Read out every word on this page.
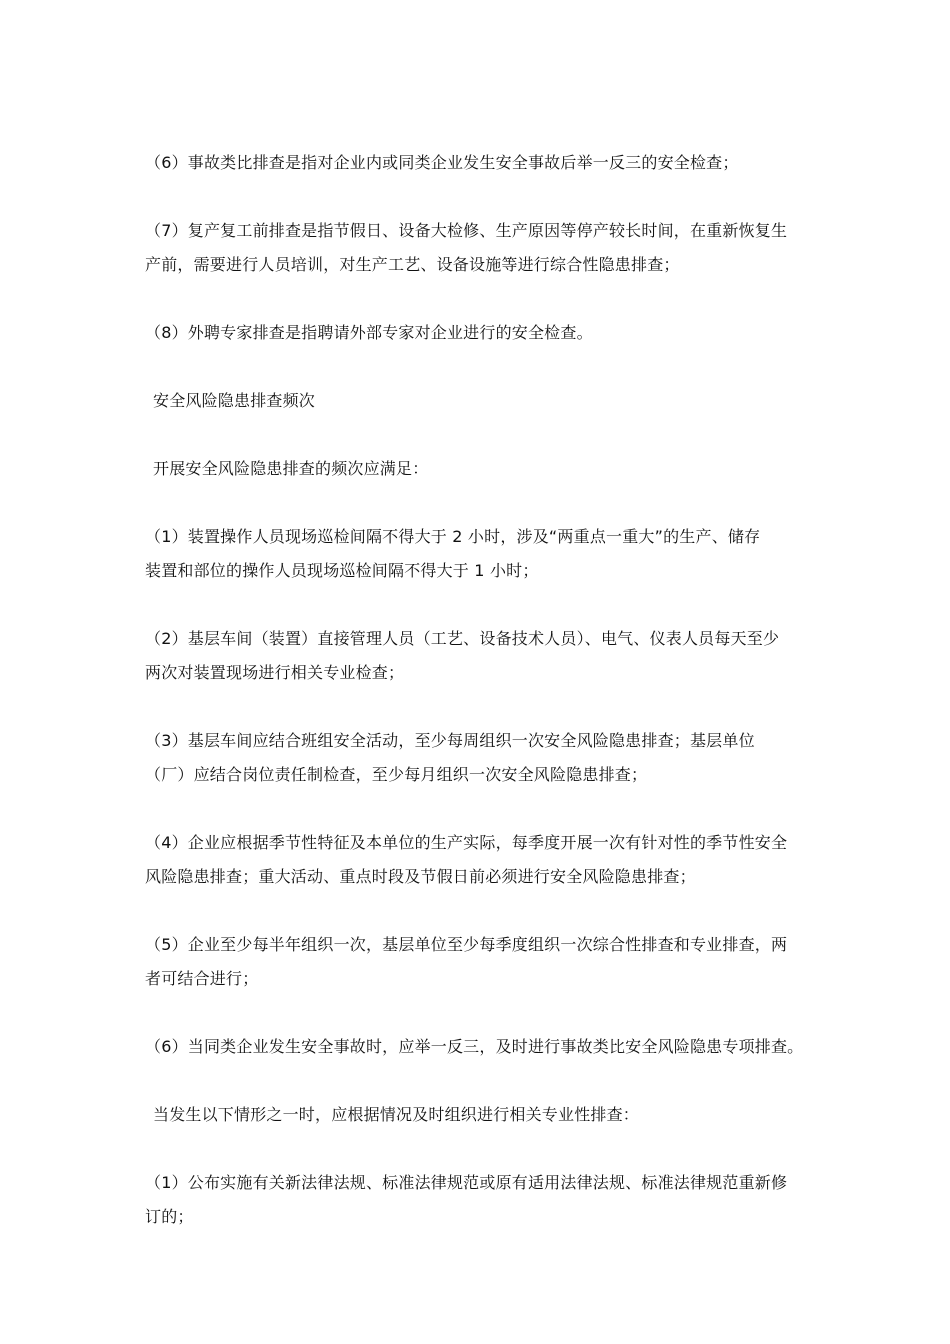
（6）事故类比排查是指对企业内或同类企业发生安全事故后举一反三的安全检查；

（7）复产复工前排查是指节假日、设备大检修、生产原因等停产较长时间，在重新恢复生
产前，需要进行人员培训，对生产工艺、设备设施等进行综合性隐患排查；

（8）外聘专家排查是指聘请外部专家对企业进行的安全检查。

安全风险隐患排查频次

开展安全风险隐患排查的频次应满足：

（1）装置操作人员现场巡检间隔不得大于 2 小时，涉及“两重点一重大”的生产、储存
装置和部位的操作人员现场巡检间隔不得大于 1 小时；

（2）基层车间（装置）直接管理人员（工艺、设备技术人员）、电气、仪表人员每天至少
两次对装置现场进行相关专业检查；

（3）基层车间应结合班组安全活动，至少每周组织一次安全风险隐患排查；基层单位
（厂）应结合岗位责任制检查，至少每月组织一次安全风险隐患排查；

（4）企业应根据季节性特征及本单位的生产实际，每季度开展一次有针对性的季节性安全
风险隐患排查；重大活动、重点时段及节假日前必须进行安全风险隐患排查；

（5）企业至少每半年组织一次，基层单位至少每季度组织一次综合性排查和专业排查，两
者可结合进行；

（6）当同类企业发生安全事故时，应举一反三，及时进行事故类比安全风险隐患专项排查。

当发生以下情形之一时，应根据情况及时组织进行相关专业性排查：

（1）公布实施有关新法律法规、标准法律规范或原有适用法律法规、标准法律规范重新修
订的；
